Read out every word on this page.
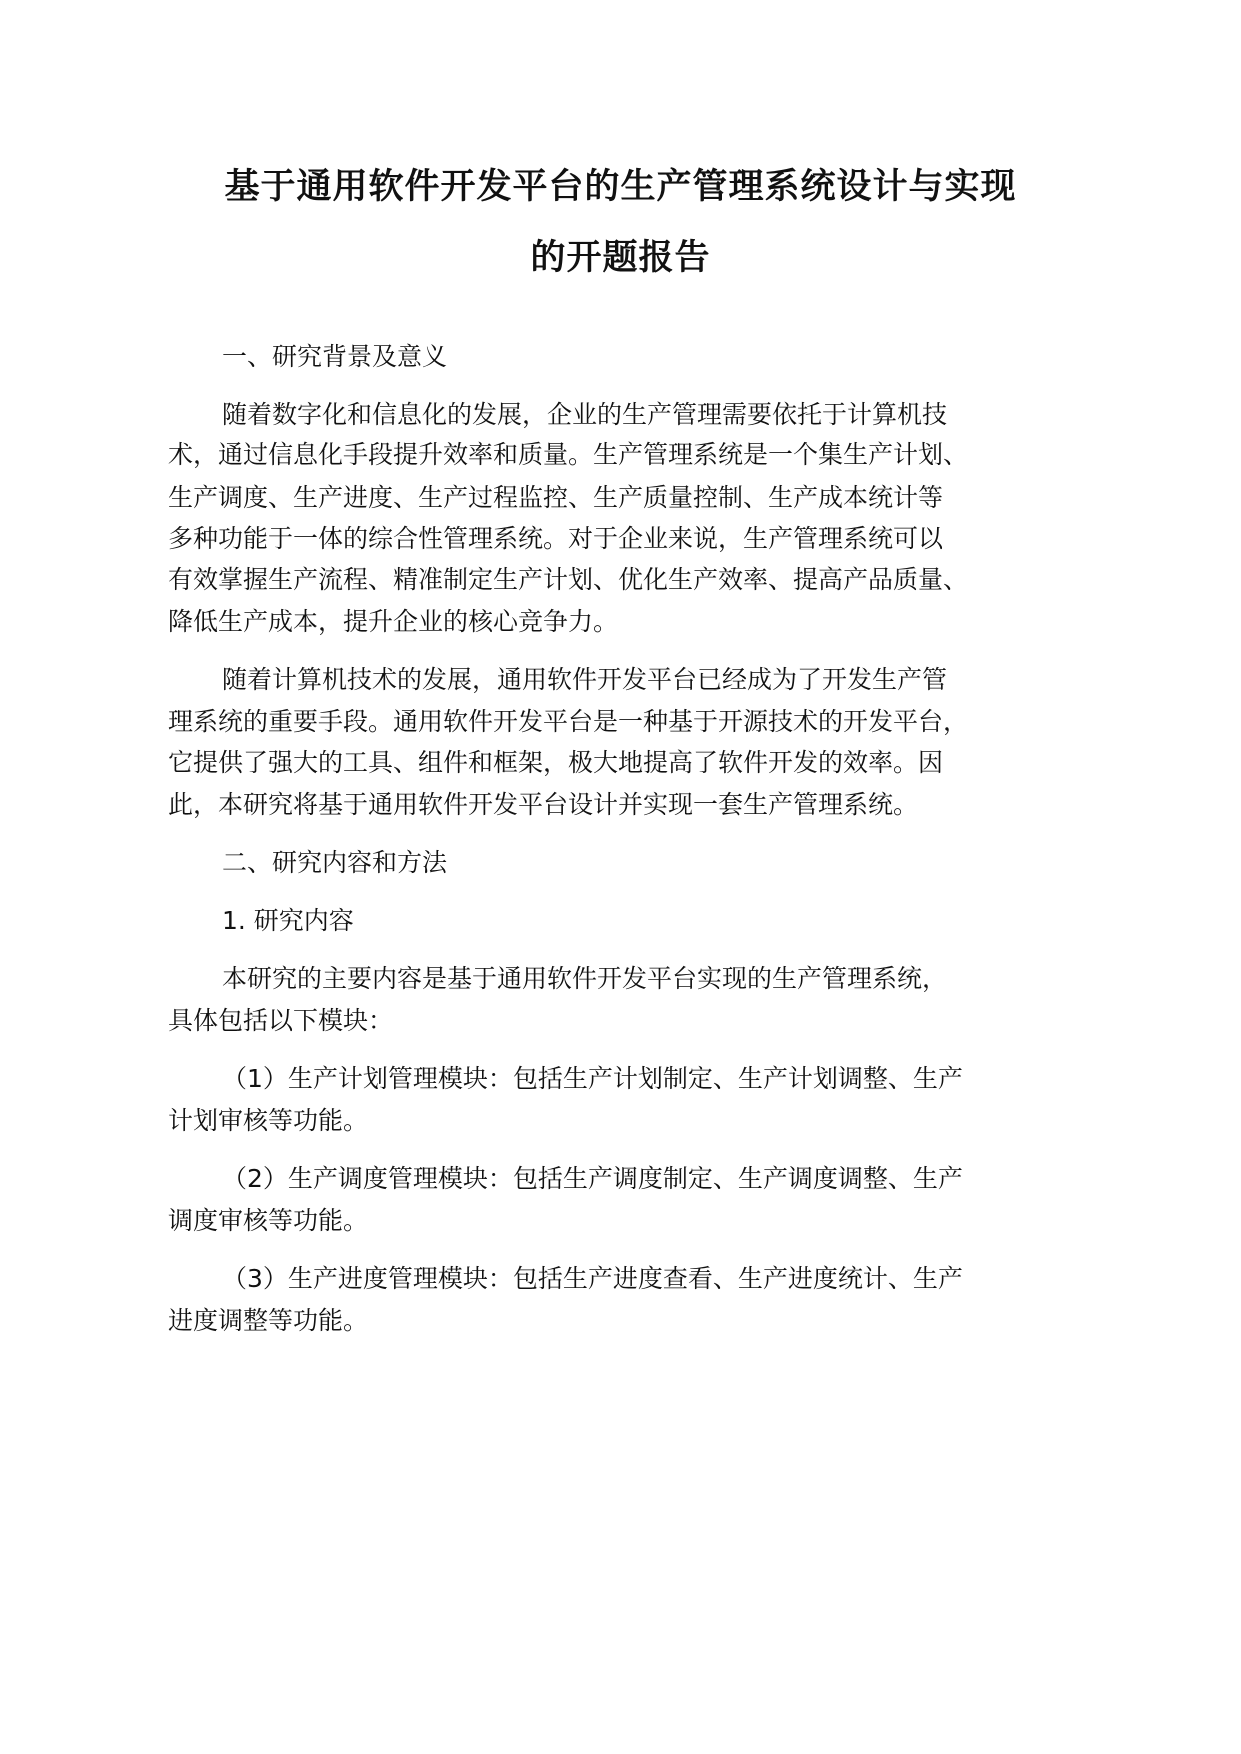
基于通用软件开发平台的生产管理系统设计与实现
的开题报告
一、研究背景及意义
随着数字化和信息化的发展，企业的生产管理需要依托于计算机技
术，通过信息化手段提升效率和质量。生产管理系统是一个集生产计划、
生产调度、生产进度、生产过程监控、生产质量控制、生产成本统计等
多种功能于一体的综合性管理系统。对于企业来说，生产管理系统可以
有效掌握生产流程、精准制定生产计划、优化生产效率、提高产品质量、
降低生产成本，提升企业的核心竞争力。
随着计算机技术的发展，通用软件开发平台已经成为了开发生产管
理系统的重要手段。通用软件开发平台是一种基于开源技术的开发平台，
它提供了强大的工具、组件和框架，极大地提高了软件开发的效率。因
此，本研究将基于通用软件开发平台设计并实现一套生产管理系统。
二、研究内容和方法
1. 研究内容
本研究的主要内容是基于通用软件开发平台实现的生产管理系统，
具体包括以下模块：
（1）生产计划管理模块：包括生产计划制定、生产计划调整、生产
计划审核等功能。
（2）生产调度管理模块：包括生产调度制定、生产调度调整、生产
调度审核等功能。
（3）生产进度管理模块：包括生产进度查看、生产进度统计、生产
进度调整等功能。
